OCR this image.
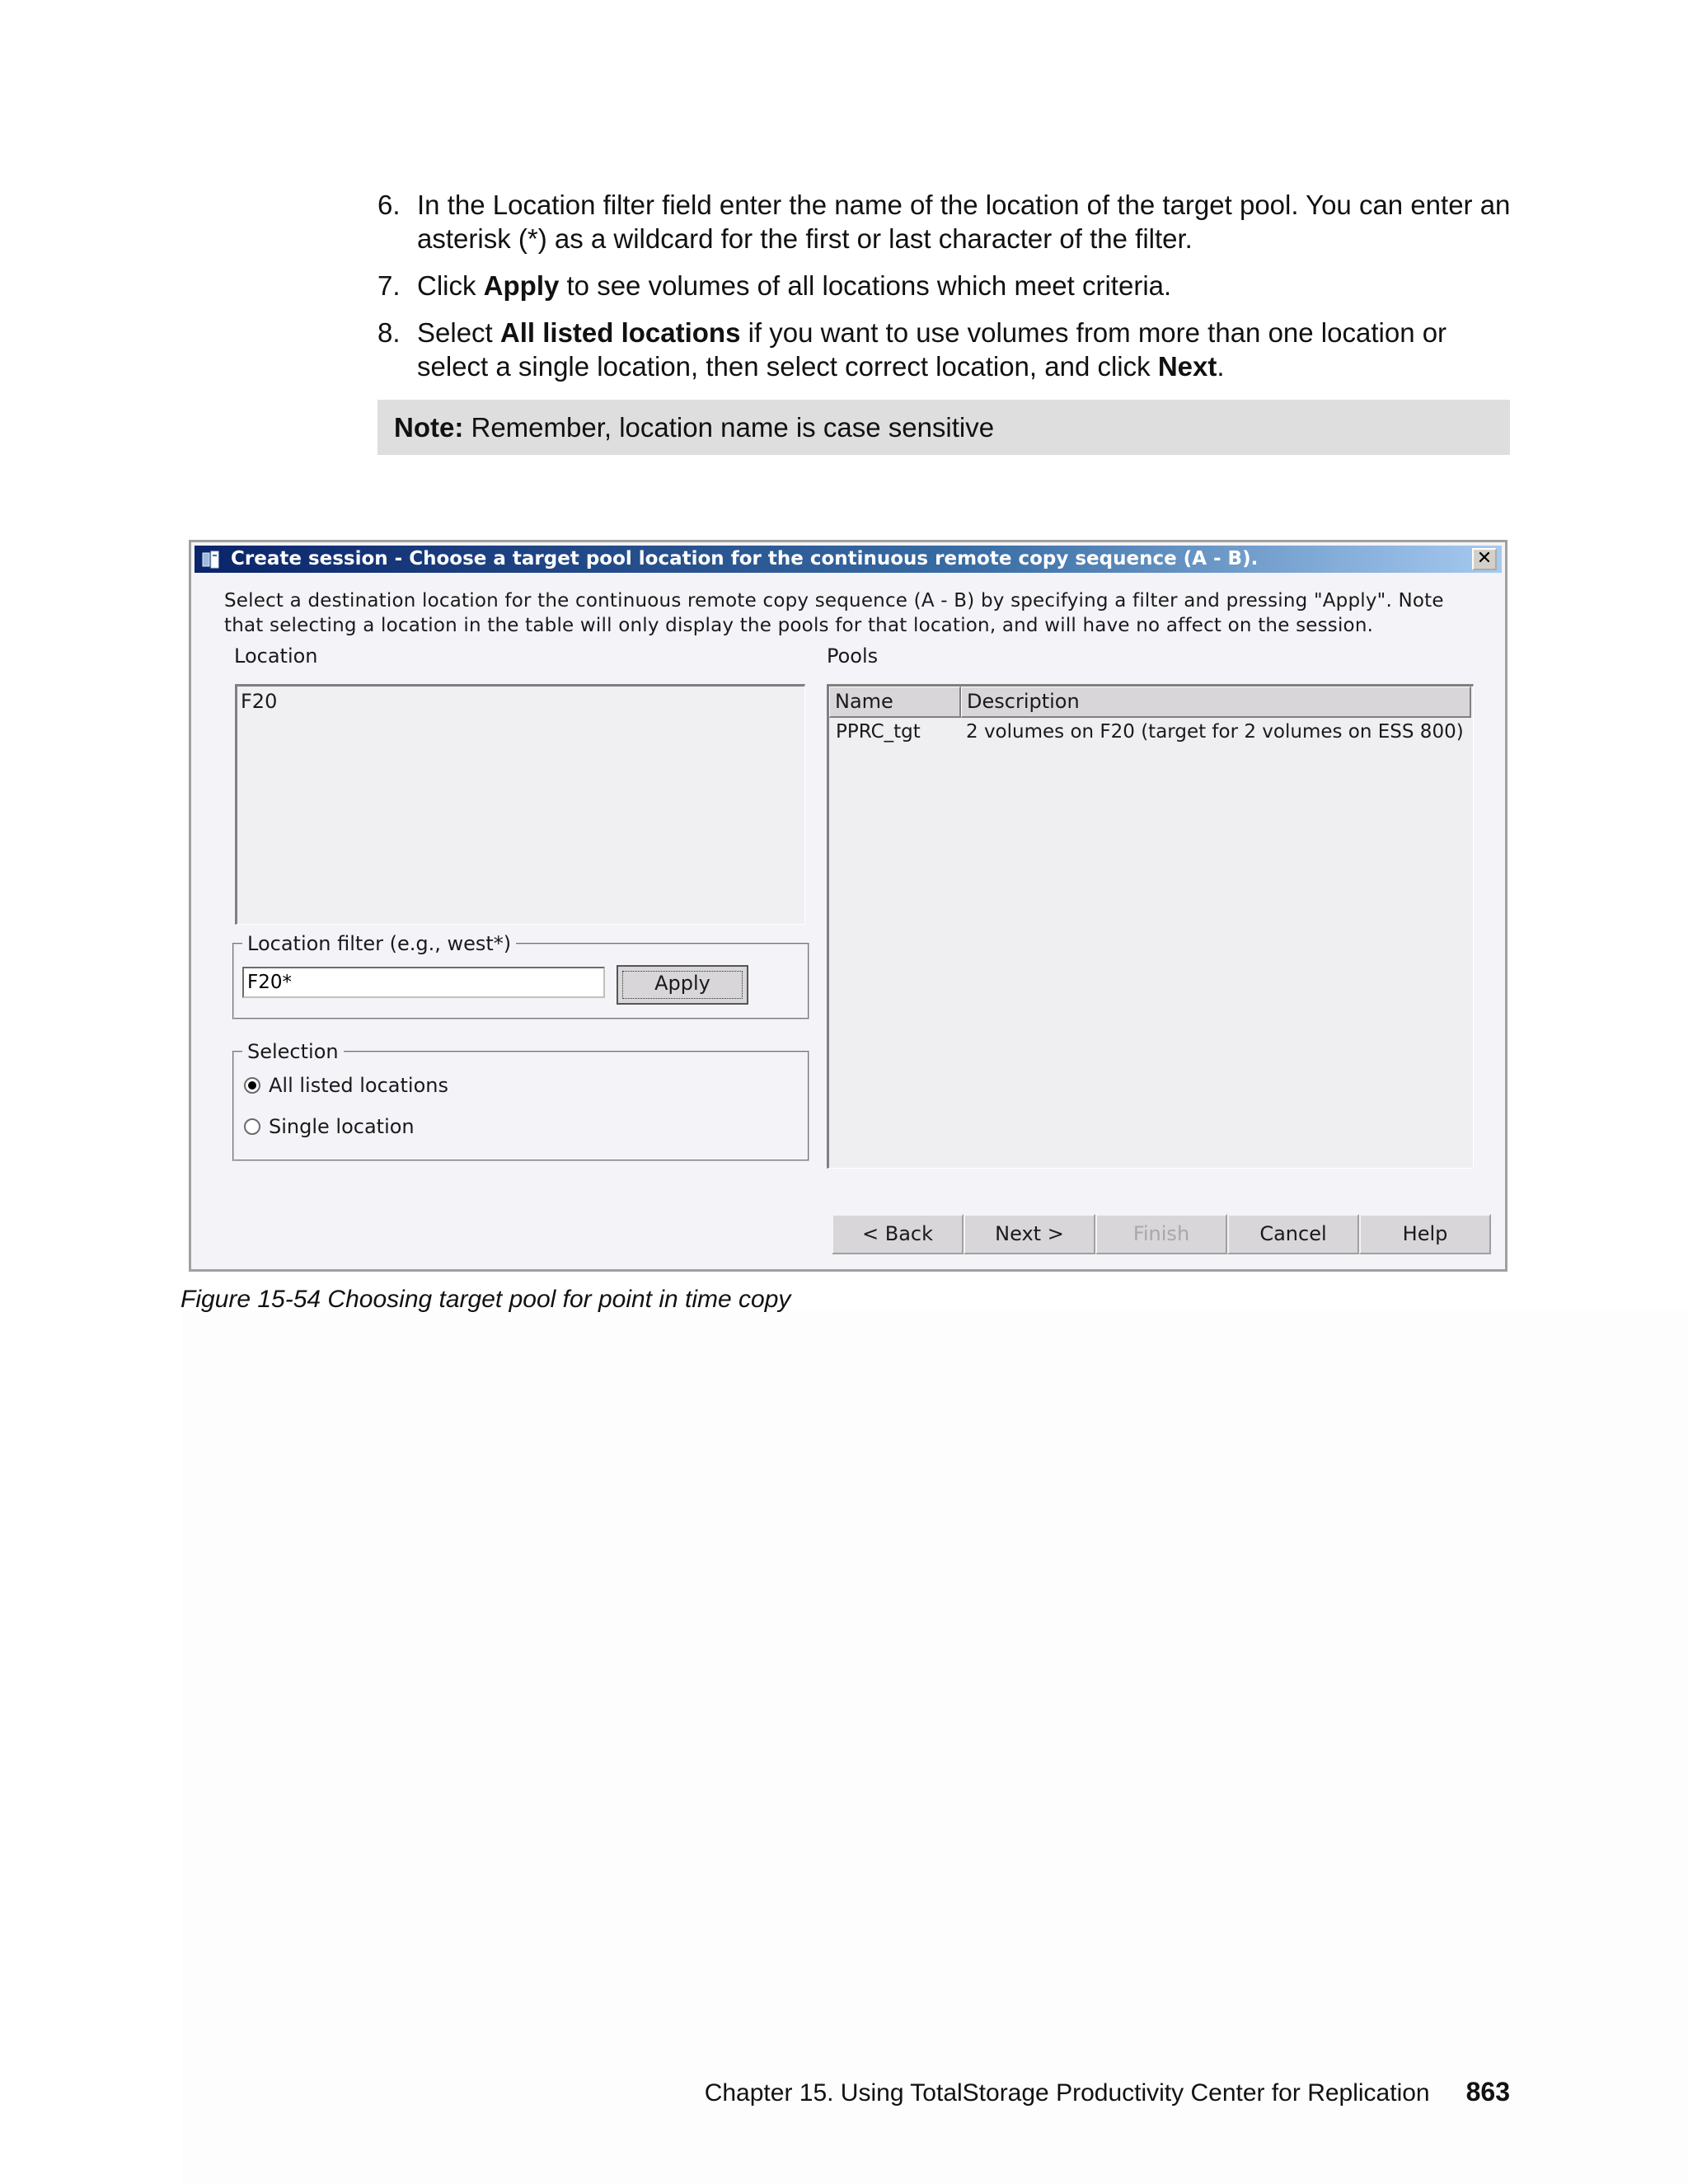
6. In the Location filter field enter the name of the location of the target pool. You can enter an asterisk (*) as a wildcard for the first or last character of the filter.
7. Click Apply to see volumes of all locations which meet criteria.
8. Select All listed locations if you want to use volumes from more than one location or select a single location, then select correct location, and click Next.
Note: Remember, location name is case sensitive
Create session - Choose a target pool location for the continuous remote copy sequence (A - B).	✕
Select a destination location for the continuous remote copy sequence (A - B) by specifying a filter and pressing "Apply". Note that selecting a location in the table will only display the pools for that location, and will have no affect on the session.
Location
F20
Location filter (e.g., west*)
F20*
Apply
Selection
All listed locations
Single location
Pools
Name	Description
PPRC_tgt 2 volumes on F20 (target for 2 volumes on ESS 800)
< Back	Next >	Finish	Cancel	Help
Figure 15-54 Choosing target pool for point in time copy
Chapter 15. Using TotalStorage Productivity Center for Replication 863
